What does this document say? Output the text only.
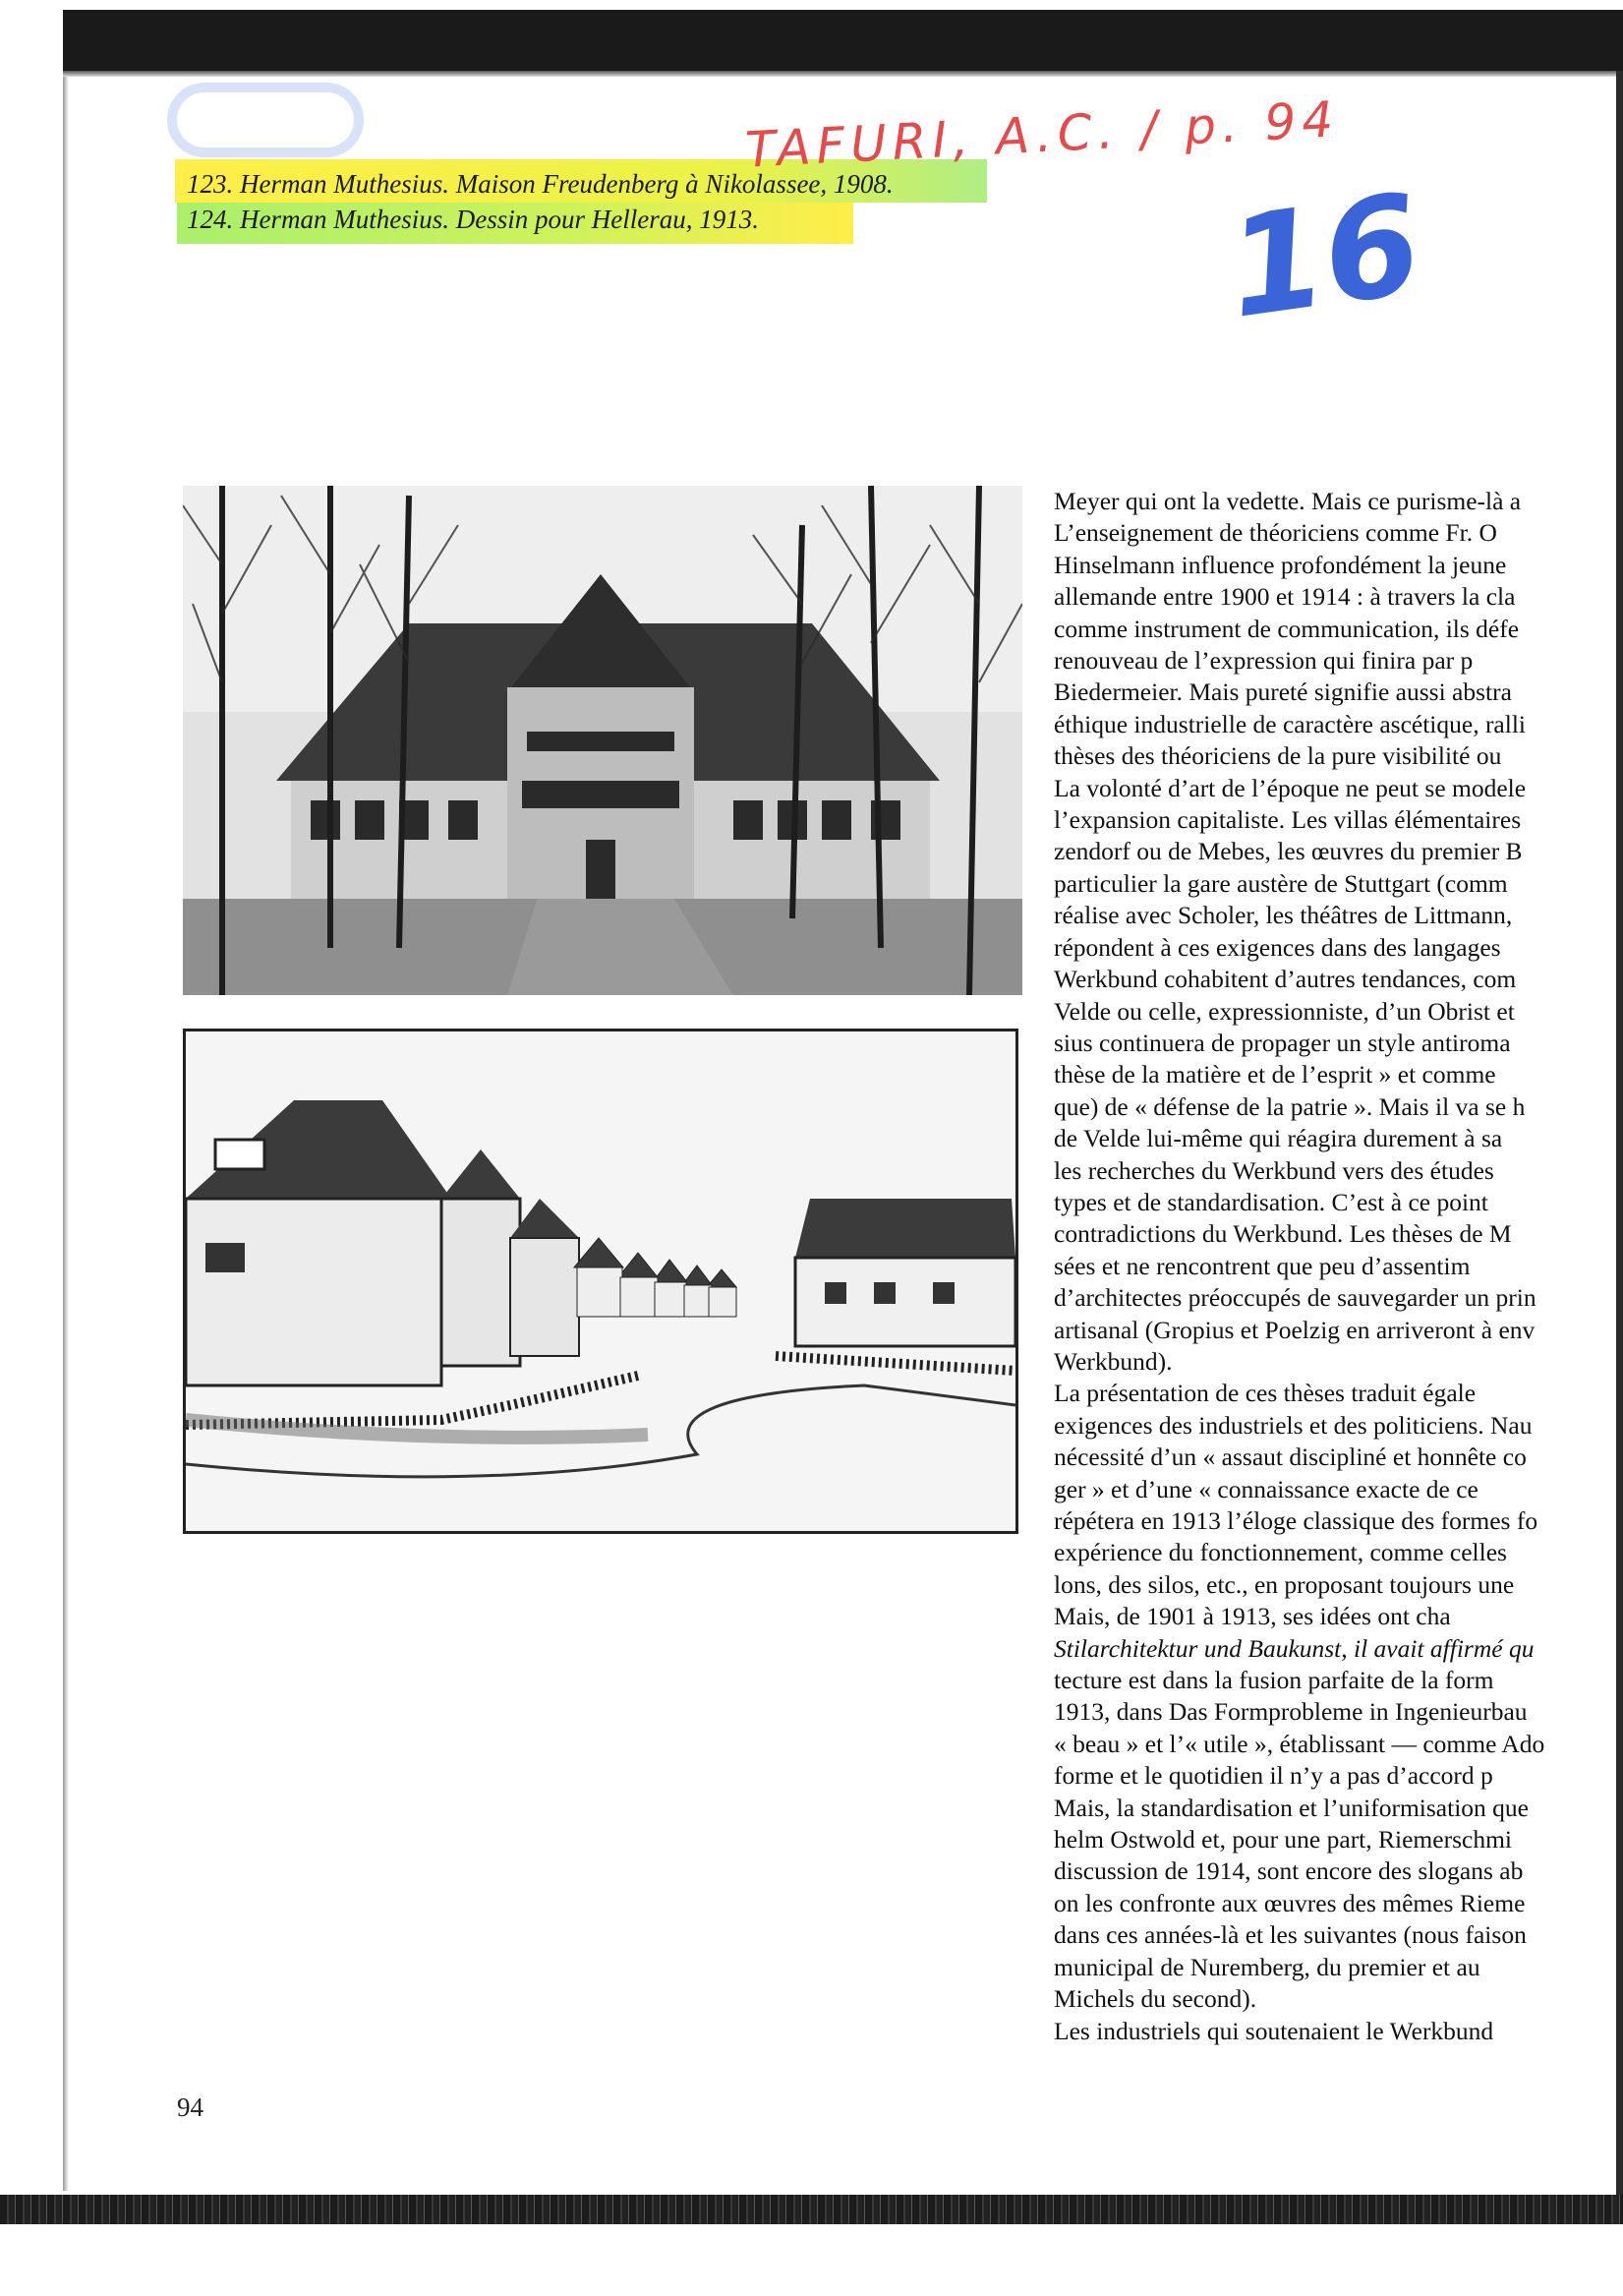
123. Herman Muthesius. Maison Freudenberg à Nikolassee, 1908.
124. Herman Muthesius. Dessin pour Hellerau, 1913.
TAFURI, A.C. / p. 94
16
Meyer qui ont la vedette. Mais ce purisme-là a
L’enseignement de théoriciens comme Fr. O
Hinselmann influence profondément la jeune
allemande entre 1900 et 1914 : à travers la cla
comme instrument de communication, ils défe
renouveau de l’expression qui finira par p
Biedermeier. Mais pureté signifie aussi abstra
éthique industrielle de caractère ascétique, ralli
thèses des théoriciens de la pure visibilité ou
La volonté d’art de l’époque ne peut se modele
l’expansion capitaliste. Les villas élémentaires
zendorf ou de Mebes, les œuvres du premier B
particulier la gare austère de Stuttgart (comm
réalise avec Scholer, les théâtres de Littmann,
répondent à ces exigences dans des langages
Werkbund cohabitent d’autres tendances, com
Velde ou celle, expressionniste, d’un Obrist et
sius continuera de propager un style antiroma
thèse de la matière et de l’esprit » et comme
que) de « défense de la patrie ». Mais il va se h
de Velde lui-même qui réagira durement à sa
les recherches du Werkbund vers des études
types et de standardisation. C’est à ce point
contradictions du Werkbund. Les thèses de M
sées et ne rencontrent que peu d’assentim
d’architectes préoccupés de sauvegarder un prin
artisanal (Gropius et Poelzig en arriveront à env
Werkbund).
La présentation de ces thèses traduit égale
exigences des industriels et des politiciens. Nau
nécessité d’un « assaut discipliné et honnête co
ger » et d’une « connaissance exacte de ce
répétera en 1913 l’éloge classique des formes fo
expérience du fonctionnement, comme celles
lons, des silos, etc., en proposant toujours une
Mais, de 1901 à 1913, ses idées ont cha
Stilarchitektur und Baukunst, il avait affirmé qu
tecture est dans la fusion parfaite de la form
1913, dans Das Formprobleme in Ingenieurbau
« beau » et l’« utile », établissant — comme Ado
forme et le quotidien il n’y a pas d’accord p
Mais, la standardisation et l’uniformisation que
helm Ostwold et, pour une part, Riemerschmi
discussion de 1914, sont encore des slogans ab
on les confronte aux œuvres des mêmes Rieme
dans ces années-là et les suivantes (nous faison
municipal de Nuremberg, du premier et au
Michels du second).
Les industriels qui soutenaient le Werkbund
94
